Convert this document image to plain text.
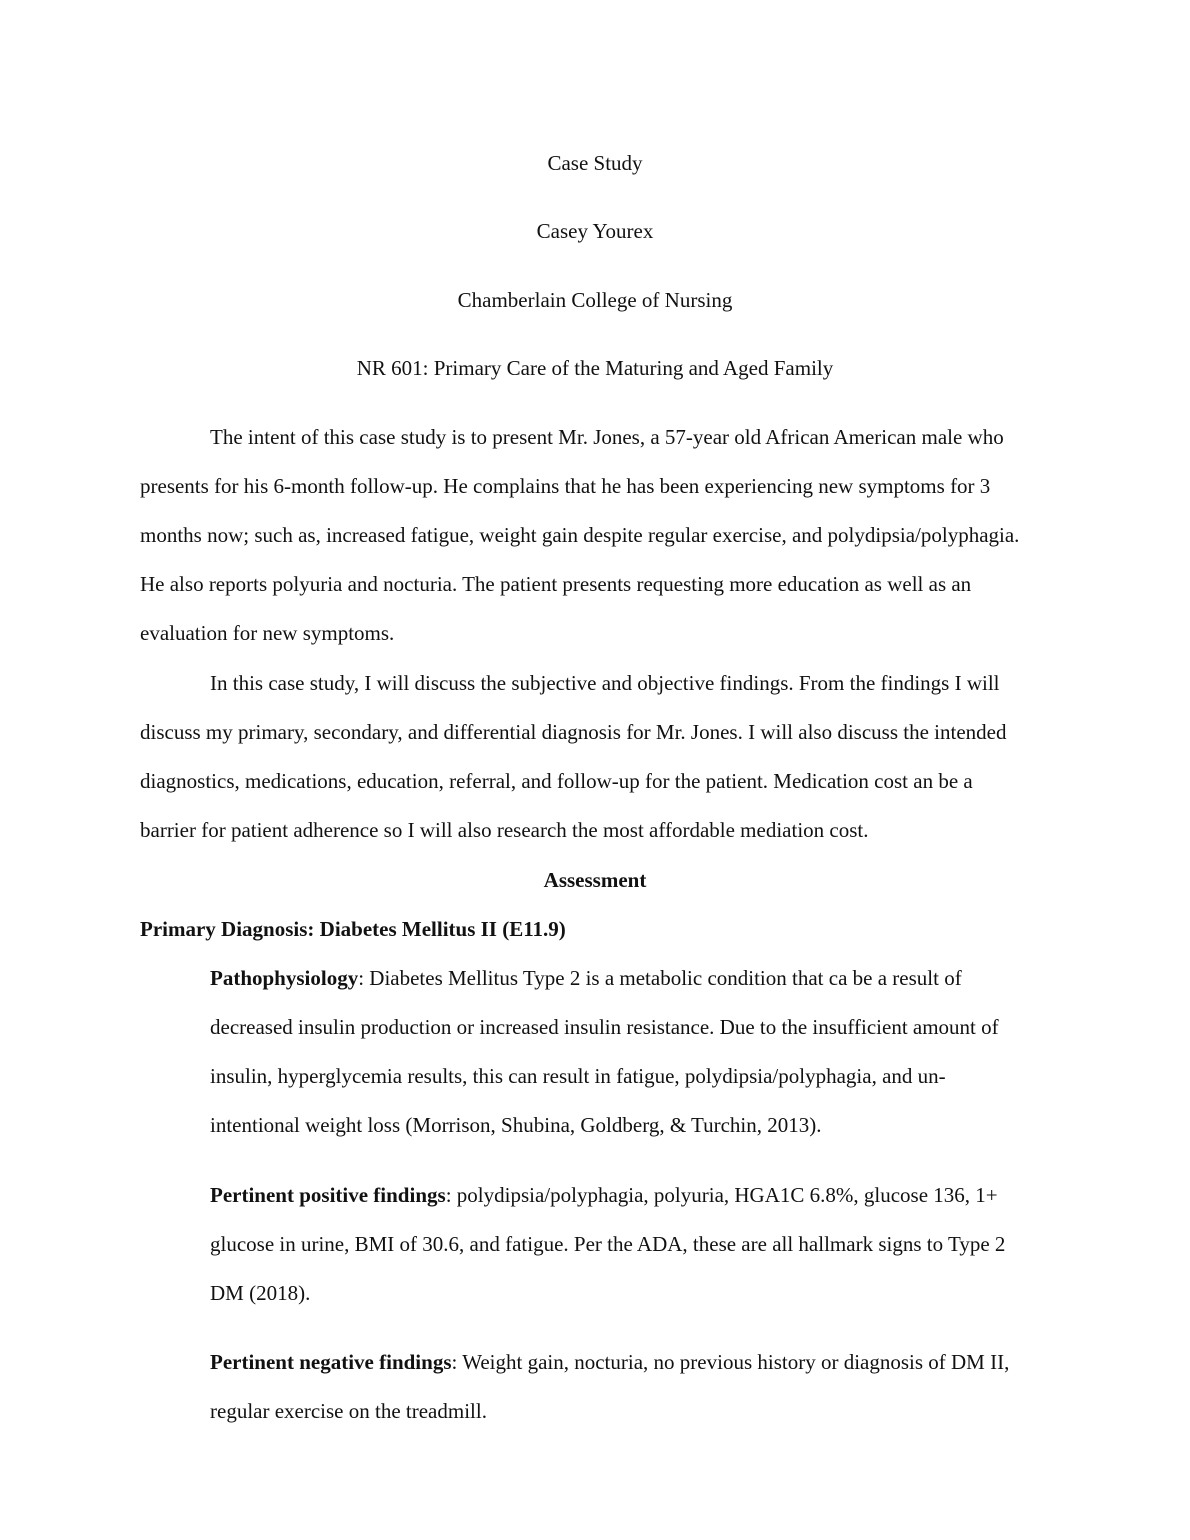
Case Study
Casey Yourex
Chamberlain College of Nursing
NR 601: Primary Care of the Maturing and Aged Family
The intent of this case study is to present Mr. Jones, a 57-year old African American male who
presents for his 6-month follow-up. He complains that he has been experiencing new symptoms for 3
months now; such as, increased fatigue, weight gain despite regular exercise, and polydipsia/polyphagia.
He also reports polyuria and nocturia. The patient presents requesting more education as well as an
evaluation for new symptoms.
In this case study, I will discuss the subjective and objective findings. From the findings I will
discuss my primary, secondary, and differential diagnosis for Mr. Jones. I will also discuss the intended
diagnostics, medications, education, referral, and follow-up for the patient. Medication cost an be a
barrier for patient adherence so I will also research the most affordable mediation cost.
Assessment
Primary Diagnosis: Diabetes Mellitus II (E11.9)
Pathophysiology: Diabetes Mellitus Type 2 is a metabolic condition that ca be a result of
decreased insulin production or increased insulin resistance. Due to the insufficient amount of
insulin, hyperglycemia results, this can result in fatigue, polydipsia/polyphagia, and un-
intentional weight loss (Morrison, Shubina, Goldberg, & Turchin, 2013).
Pertinent positive findings: polydipsia/polyphagia, polyuria, HGA1C 6.8%, glucose 136, 1+
glucose in urine, BMI of 30.6, and fatigue. Per the ADA, these are all hallmark signs to Type 2
DM (2018).
Pertinent negative findings: Weight gain, nocturia, no previous history or diagnosis of DM II,
regular exercise on the treadmill.
